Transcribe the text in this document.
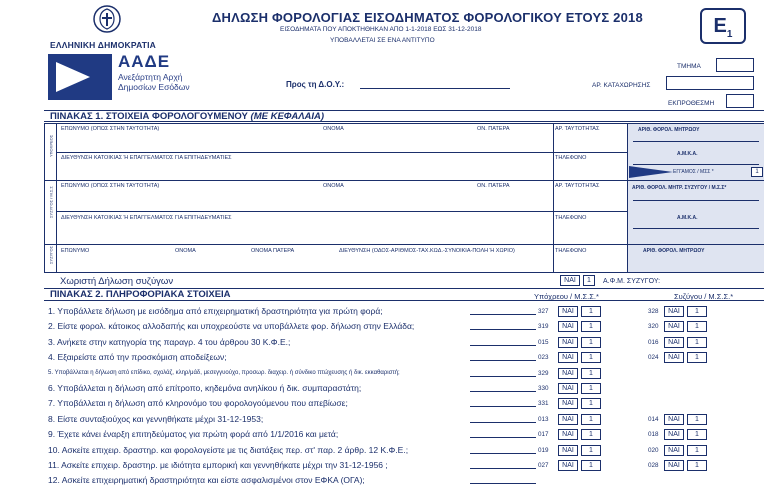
ΕΛΛΗΝΙΚΗ ΔΗΜΟΚΡΑΤΙΑ
ΑΑΔΕ
Ανεξάρτητη Αρχή
Δημοσίων Εσόδων
ΔΗΛΩΣΗ ΦΟΡΟΛΟΓΙΑΣ ΕΙΣΟΔΗΜΑΤΟΣ ΦΟΡΟΛΟΓΙΚΟΥ ΕΤΟΥΣ 2018
ΕΙΣΟΔΗΜΑΤΑ ΠΟΥ ΑΠΟΚΤΗΘΗΚΑΝ ΑΠΟ 1-1-2018 ΕΩΣ 31-12-2018
ΥΠΟΒΑΛΛΕΤΑΙ ΣΕ ΕΝΑ ΑΝΤΙΤΥΠΟ
$E_1$
Προς τη Δ.Ο.Υ.:
ΤΜΗΜΑ
ΑΡ. ΚΑΤΑΧΩΡΗΣΗΣ
ΕΚΠΡΟΘΕΣΜΗ
ΠΙΝΑΚΑΣ 1. ΣΤΟΙΧΕΙΑ ΦΟΡΟΛΟΓΟΥΜΕΝΟΥ (ΜΕ ΚΕΦΑΛΑΙΑ)
ΥΠΟΧΡΕΟΣ
ΣΥΖΥΓΟΣ / Μ.Σ.Σ
ΣΥΖΥΓΟΣ
ΕΠΩΝΥΜΟ (ΟΠΩΣ ΣΤΗΝ ΤΑΥΤΟΤΗΤΑ)	ΟΝΟΜΑ	ΟΝ. ΠΑΤΕΡΑ	ΑΡ. ΤΑΥΤΟΤΗΤΑΣ	ΑΡΙΘ. ΦΟΡΟΛ. ΜΗΤΡΩΟΥ
ΔΙΕΥΘΥΝΣΗ ΚΑΤΟΙΚΙΑΣ Ή ΕΠΑΓΓΕΛΜΑΤΟΣ ΓΙΑ ΕΠΙΤΗΔΕΥΜΑΤΙΕΣ	ΤΗΛΕΦΩΝΟ
Α.Μ.Κ.Α.
ΕΓΓΑΜΟΣ / ΜΣΣ *	1
ΕΠΩΝΥΜΟ (ΟΠΩΣ ΣΤΗΝ ΤΑΥΤΟΤΗΤΑ)	ΟΝΟΜΑ	ΟΝ. ΠΑΤΕΡΑ	ΑΡ. ΤΑΥΤΟΤΗΤΑΣ	ΑΡΙΘ. ΦΟΡΟΛ. ΜΗΤΡ. ΣΥΖΥΓΟΥ / Μ.Σ.Σ*
ΔΙΕΥΘΥΝΣΗ ΚΑΤΟΙΚΙΑΣ Ή ΕΠΑΓΓΕΛΜΑΤΟΣ ΓΙΑ ΕΠΙΤΗΔΕΥΜΑΤΙΕΣ	ΤΗΛΕΦΩΝΟ	Α.Μ.Κ.Α.
ΕΠΩΝΥΜΟ	ΟΝΟΜΑ	ΟΝΟΜΑ ΠΑΤΕΡΑ	ΔΙΕΥΘΥΝΣΗ (ΟΔΟΣ-ΑΡΙΘΜΟΣ-ΤΑΧ.ΚΩΔ.-ΣΥΝΟΙΚΙΑ-ΠΟΛΗ Ή ΧΩΡΙΟ)	ΤΗΛΕΦΩΝΟ	ΑΡΙΘ. ΦΟΡΟΛ. ΜΗΤΡΩΟΥ
Χωριστή Δήλωση συζύγων	ΝΑΙ	1	Α.Φ.Μ. ΣΥΖΥΓΟΥ:
ΠΙΝΑΚΑΣ 2. ΠΛΗΡΟΦΟΡΙΑΚΑ ΣΤΟΙΧΕΙΑ	Υπόχρεου / Μ.Σ.Σ.*	Συζύγου / Μ.Σ.Σ.*
1. Υποβάλλετε δήλωση με εισόδημα από επιχειρηματική δραστηριότητα για πρώτη φορά;	327	ΝΑΙ	1	328	ΝΑΙ	1
2. Είστε φορολ. κάτοικος αλλοδαπής και υποχρεούστε να υποβάλλετε φορ. δήλωση στην Ελλάδα;	319	ΝΑΙ	1	320	ΝΑΙ	1
3. Ανήκετε στην κατηγορία της παραγρ. 4 του άρθρου 30 Κ.Φ.Ε.;	015	ΝΑΙ	1	016	ΝΑΙ	1
4. Εξαιρείστε από την προσκόμιση αποδείξεων;	023	ΝΑΙ	1	024	ΝΑΙ	1
5. Υποβάλλεται η δήλωση από επίδικο, σχολάζ, κληρ/μάδ, μεσεγγυούχο, προσωρ. διαχειρ. ή σύνδικο πτώχευσης ή δικ. εκκαθαριστή;	329	ΝΑΙ	1
6. Υποβάλλεται η δήλωση από επίτροπο, κηδεμόνα ανηλίκου ή δικ. συμπαραστάτη;	330	ΝΑΙ	1
7. Υποβάλλεται η δήλωση από κληρονόμο του φορολογούμενου που απεβίωσε;	331	ΝΑΙ	1
8. Είστε συνταξιούχος και γεννηθήκατε μέχρι 31-12-1953;	013	ΝΑΙ	1	014	ΝΑΙ	1
9. Έχετε κάνει έναρξη επιτηδεύματος για πρώτη φορά από 1/1/2016 και μετά;	017	ΝΑΙ	1	018	ΝΑΙ	1
10. Ασκείτε επιχειρ. δραστηρ. και φορολογείστε με τις διατάξεις περ. στ' παρ. 2 άρθρ. 12 Κ.Φ.Ε.;	019	ΝΑΙ	1	020	ΝΑΙ	1
11. Ασκείτε επιχειρ. δραστηρ. με ιδιότητα εμπορική και γεννηθήκατε μέχρι την 31-12-1956 ;	027	ΝΑΙ	1	028	ΝΑΙ	1
12. Ασκείτε επιχειρηματική δραστηριότητα και είστε ασφαλισμένοι στον ΕΦΚΑ (ΟΓΑ);
